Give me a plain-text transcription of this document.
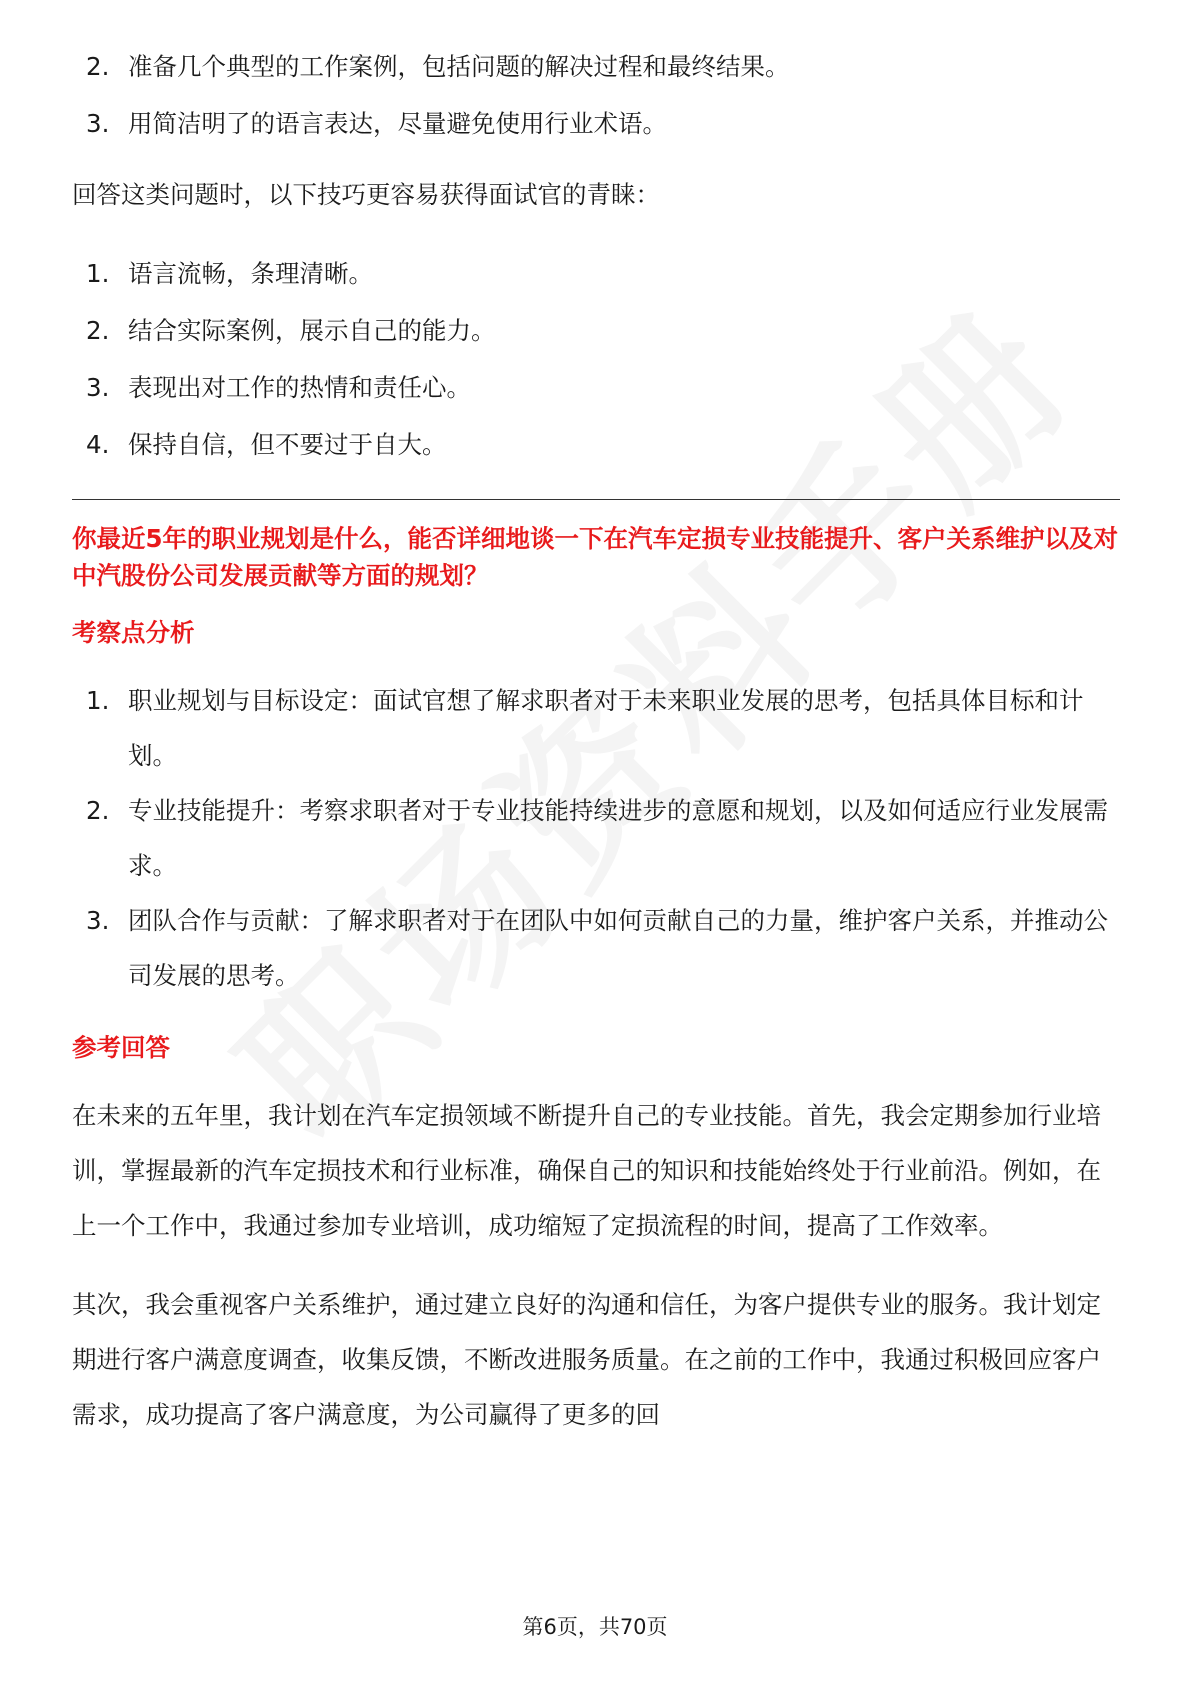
2. 准备几个典型的工作案例，包括问题的解决过程和最终结果。
3. 用简洁明了的语言表达，尽量避免使用行业术语。

回答这类问题时，以下技巧更容易获得面试官的青睐：

1. 语言流畅，条理清晰。
2. 结合实际案例，展示自己的能力。
3. 表现出对工作的热情和责任心。
4. 保持自信，但不要过于自大。

你最近5年的职业规划是什么，能否详细地谈一下在汽车定损专业技能提升、客户关系维护以及对中汽股份公司发展贡献等方面的规划？

考察点分析

1. 职业规划与目标设定：面试官想了解求职者对于未来职业发展的思考，包括具体目标和计划。
2. 专业技能提升：考察求职者对于专业技能持续进步的意愿和规划，以及如何适应行业发展需求。
3. 团队合作与贡献：了解求职者对于在团队中如何贡献自己的力量，维护客户关系，并推动公司发展的思考。

参考回答

在未来的五年里，我计划在汽车定损领域不断提升自己的专业技能。首先，我会定期参加行业培训，掌握最新的汽车定损技术和行业标准，确保自己的知识和技能始终处于行业前沿。例如，在上一个工作中，我通过参加专业培训，成功缩短了定损流程的时间，提高了工作效率。

其次，我会重视客户关系维护，通过建立良好的沟通和信任，为客户提供专业的服务。我计划定期进行客户满意度调查，收集反馈，不断改进服务质量。在之前的工作中，我通过积极回应客户需求，成功提高了客户满意度，为公司赢得了更多的回

第6页，共70页
